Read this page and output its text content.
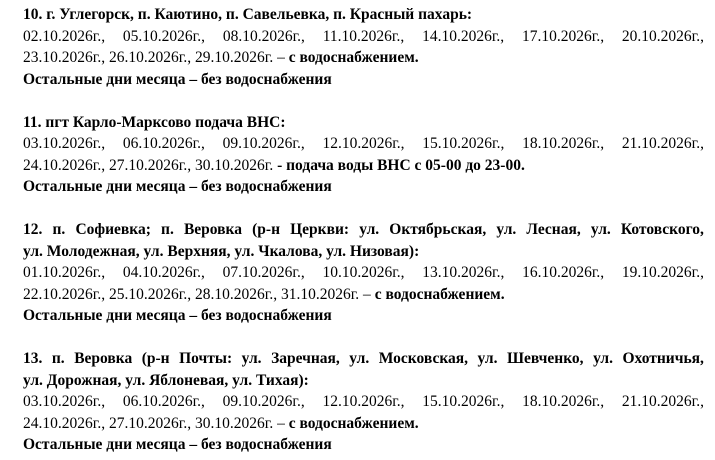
10. г. Углегорск, п. Каютино, п. Савельевка, п. Красный пахарь:
02.10.2026г., 05.10.2026г., 08.10.2026г., 11.10.2026г., 14.10.2026г., 17.10.2026г., 20.10.2026г.,
23.10.2026г., 26.10.2026г., 29.10.2026г. – с водоснабжением.
Остальные дни месяца – без водоснабжения
11. пгт Карло-Марксово подача ВНС:
03.10.2026г., 06.10.2026г., 09.10.2026г., 12.10.2026г., 15.10.2026г., 18.10.2026г., 21.10.2026г.,
24.10.2026г., 27.10.2026г., 30.10.2026г. - подача воды ВНС с 05-00 до 23-00.
Остальные дни месяца – без водоснабжения
12. п. Софиевка; п. Веровка (р-н Церкви: ул. Октябрьская, ул. Лесная, ул. Котовского,
ул. Молодежная, ул. Верхняя, ул. Чкалова, ул. Низовая):
01.10.2026г., 04.10.2026г., 07.10.2026г., 10.10.2026г., 13.10.2026г., 16.10.2026г., 19.10.2026г.,
22.10.2026г., 25.10.2026г., 28.10.2026г., 31.10.2026г. – с водоснабжением.
Остальные дни месяца – без водоснабжения
13. п. Веровка (р-н Почты: ул. Заречная, ул. Московская, ул. Шевченко, ул. Охотничья,
ул. Дорожная, ул. Яблоневая, ул. Тихая):
03.10.2026г., 06.10.2026г., 09.10.2026г., 12.10.2026г., 15.10.2026г., 18.10.2026г., 21.10.2026г.,
24.10.2026г., 27.10.2026г., 30.10.2026г. – с водоснабжением.
Остальные дни месяца – без водоснабжения
